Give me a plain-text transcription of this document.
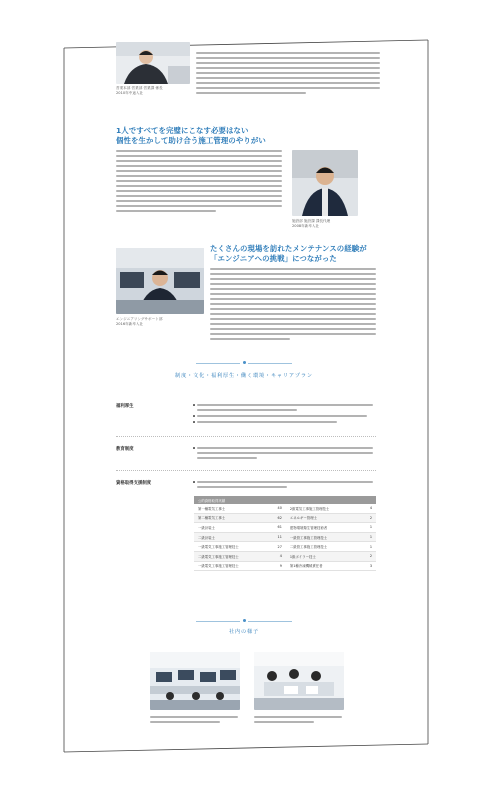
営業本部 営業部 営業課 係長
2010年中途入社
1人ですべてを完璧にこなす必要はない
個性を生かして助け合う施工管理のやりがい
施設部 施設課 課長代理
2008年新卒入社
エンジニアリングサポート部
2016年新卒入社
たくさんの現場を訪れたメンテナンスの経験が
「エンジニアへの挑戦」につながった
制度・文化・福利厚生・働く環境・キャリアプラン
福利厚生
教育制度
資格取得支援制度
公的資格取得実績			
第一種電気工事士	40	2級電気工事施工管理技士	4
第二種電気工事士	62	エネルギー管理士	2
一級計装士	61	建物環境衛生管理技術者	1
二級計装士	11	一級管工事施工管理技士	1
一級電気工事施工管理技士	27	二級管工事施工管理技士	1
二級電気工事施工管理技士	4	1級ボイラー技士	2
一級電気工事施工管理技士	9	第1種冷凍機械責任者	3
社内の様子
